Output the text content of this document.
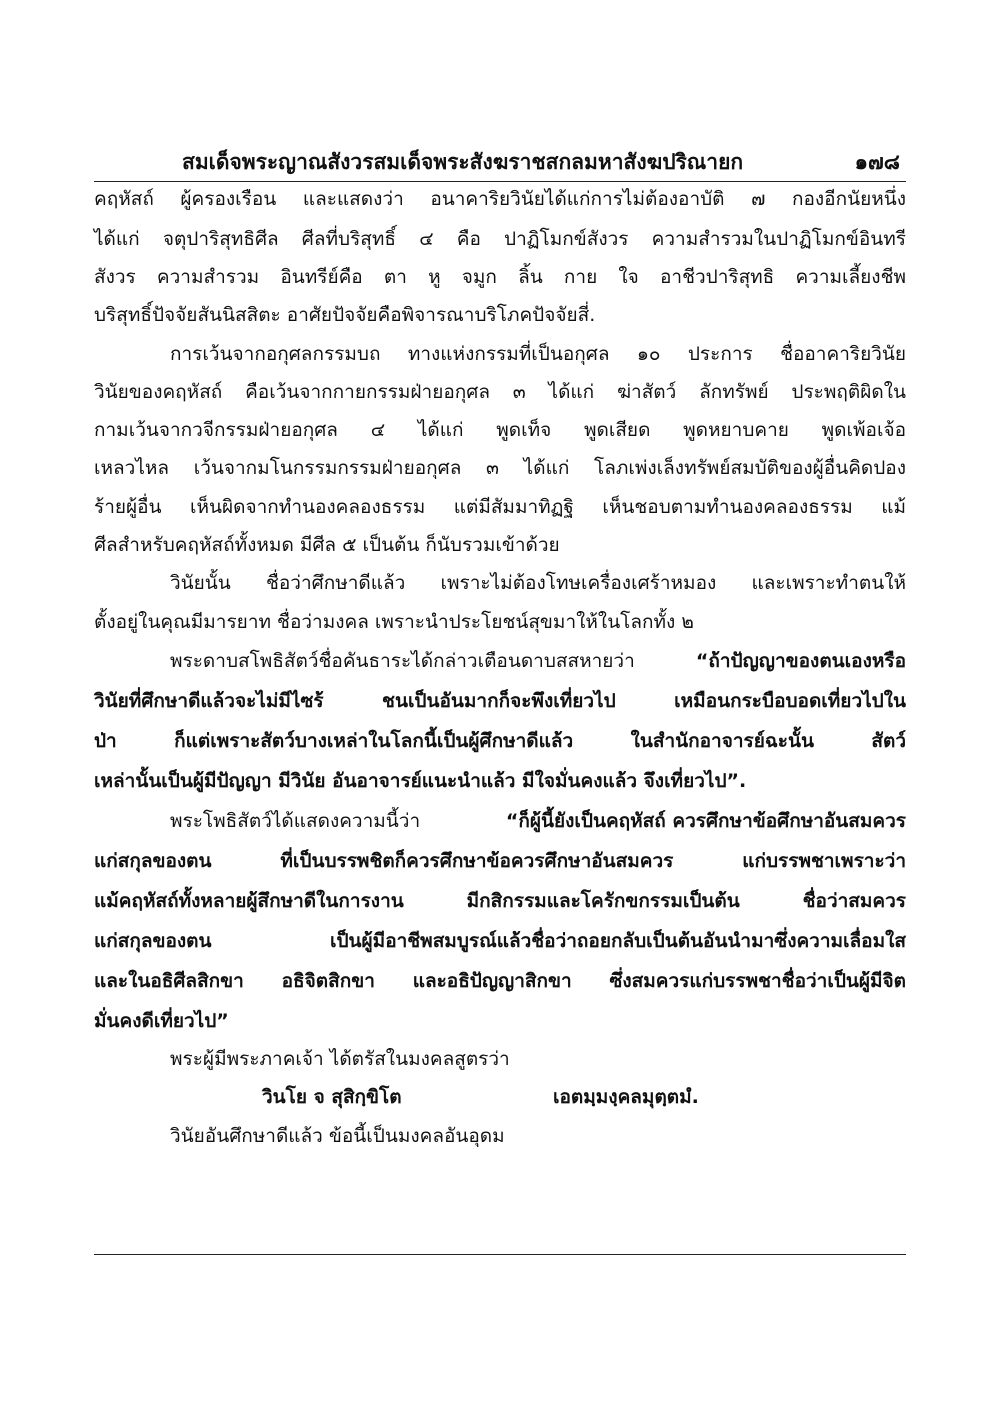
สมเด็จพระญาณสังวรสมเด็จพระสังฆราชสกลมหาสังฆปริณายก	๑๗๘
คฤหัสถ์ ผู้ครองเรือน และแสดงว่า อนาคาริยวินัยได้แก่การไม่ต้องอาบัติ ๗ กองอีกนัยหนึ่ง
ได้แก่ จตุปาริสุทธิศีล ศีลที่บริสุทธิ์ ๔ คือ ปาฏิโมกข์สังวร ความสำรวมในปาฏิโมกข์อินทรี
สังวร ความสำรวม อินทรีย์คือ ตา หู จมูก ลิ้น กาย ใจ อาชีวปาริสุทธิ ความเลี้ยงชีพ
บริสุทธิ์ปัจจัยสันนิสสิตะ อาศัยปัจจัยคือพิจารณาบริโภคปัจจัยสี่.
การเว้นจากอกุศลกรรมบถ ทางแห่งกรรมที่เป็นอกุศล ๑๐ ประการ ชื่ออาคาริยวินัย
วินัยของคฤหัสถ์ คือเว้นจากกายกรรมฝ่ายอกุศล ๓ ได้แก่ ฆ่าสัตว์ ลักทรัพย์ ประพฤติผิดใน
กามเว้นจากวจีกรรมฝ่ายอกุศล ๔ ได้แก่ พูดเท็จ พูดเสียด พูดหยาบคาย พูดเพ้อเจ้อ
เหลวไหล เว้นจากมโนกรรมกรรมฝ่ายอกุศล ๓ ได้แก่ โลภเพ่งเล็งทรัพย์สมบัติของผู้อื่นคิดปอง
ร้ายผู้อื่น เห็นผิดจากทำนองคลองธรรม แต่มีสัมมาทิฏฐิ เห็นชอบตามทำนองคลองธรรม แม้
ศีลสำหรับคฤหัสถ์ทั้งหมด มีศีล ๕ เป็นต้น ก็นับรวมเข้าด้วย
วินัยนั้น ชื่อว่าศึกษาดีแล้ว เพราะไม่ต้องโทษเครื่องเศร้าหมอง และเพราะทำตนให้
ตั้งอยู่ในคุณมีมารยาท ชื่อว่ามงคล เพราะนำประโยชน์สุขมาให้ในโลกทั้ง ๒
พระดาบสโพธิสัตว์ชื่อคันธาระได้กล่าวเตือนดาบสสหายว่า	“ถ้าปัญญาของตนเองหรือ
วินัยที่ศึกษาดีแล้วจะไม่มีไซร้ ชนเป็นอันมากก็จะพึงเที่ยวไป เหมือนกระบือบอดเที่ยวไปใน
ป่า ก็แต่เพราะสัตว์บางเหล่าในโลกนี้เป็นผู้ศึกษาดีแล้ว ในสำนักอาจารย์ฉะนั้น สัตว์
เหล่านั้นเป็นผู้มีปัญญา มีวินัย อันอาจารย์แนะนำแล้ว มีใจมั่นคงแล้ว จึงเที่ยวไป”.
พระโพธิสัตว์ได้แสดงความนี้ว่า	“ก็ผู้นี้ยังเป็นคฤหัสถ์ ควรศึกษาข้อศึกษาอันสมควร
แก่สกุลของตน ที่เป็นบรรพชิตก็ควรศึกษาข้อควรศึกษาอันสมควร แก่บรรพชาเพราะว่า
แม้คฤหัสถ์ทั้งหลายผู้สึกษาดีในการงาน มีกสิกรรมและโครักขกรรมเป็นต้น ชื่อว่าสมควร
แก่สกุลของตน เป็นผู้มีอาชีพสมบูรณ์แล้วชื่อว่าถอยกลับเป็นต้นอันนำมาซึ่งความเลื่อมใส
และในอธิศีลสิกขา อธิจิตสิกขา และอธิปัญญาสิกขา ซึ่งสมควรแก่บรรพชาชื่อว่าเป็นผู้มีจิต
มั่นคงดีเที่ยวไป”
พระผู้มีพระภาคเจ้า ได้ตรัสในมงคลสูตรว่า
วินโย จ สุสิกฺขิโต	เอตมฺมงฺคลมุตฺตมํ.
วินัยอันศึกษาดีแล้ว ข้อนี้เป็นมงคลอันอุดม
